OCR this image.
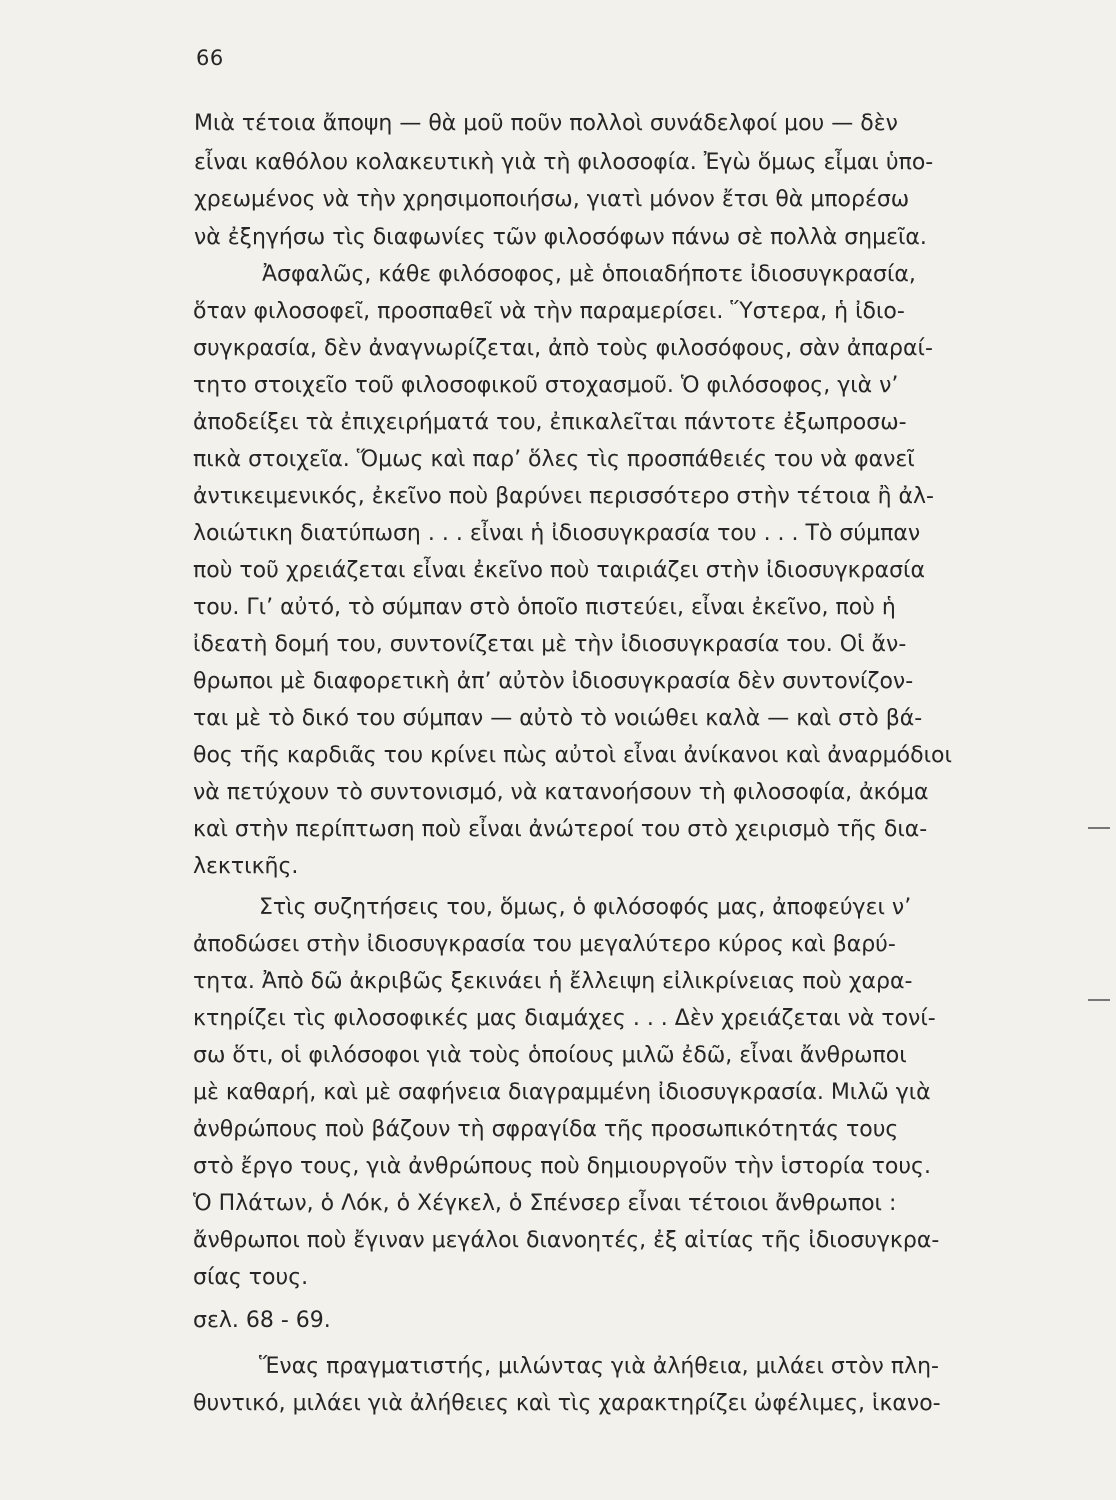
66
Μιὰ τέτοια ἄποψη — θὰ μοῦ ποῦν πολλοὶ συνάδελφοί μου — δὲν
εἶναι καθόλου κολακευτικὴ γιὰ τὴ φιλοσοφία. Ἐγὼ ὅμως εἶμαι ὑπο-
χρεωμένος νὰ τὴν χρησιμοποιήσω, γιατὶ μόνον ἔτσι θὰ μπορέσω
νὰ ἐξηγήσω τὶς διαφωνίες τῶν φιλοσόφων πάνω σὲ πολλὰ σημεῖα.
Ἀσφαλῶς, κάθε φιλόσοφος, μὲ ὁποιαδήποτε ἰδιοσυγκρασία,
ὅταν φιλοσοφεῖ, προσπαθεῖ νὰ τὴν παραμερίσει. Ὕστερα, ἡ ἰδιο-
συγκρασία, δὲν ἀναγνωρίζεται, ἀπὸ τοὺς φιλοσόφους, σὰν ἀπαραί-
τητο στοιχεῖο τοῦ φιλοσοφικοῦ στοχασμοῦ. Ὁ φιλόσοφος, γιὰ ν’
ἀποδείξει τὰ ἐπιχειρήματά του, ἐπικαλεῖται πάντοτε ἐξωπροσω-
πικὰ στοιχεῖα. Ὅμως καὶ παρ’ ὅλες τὶς προσπάθειές του νὰ φανεῖ
ἀντικειμενικός, ἐκεῖνο ποὺ βαρύνει περισσότερο στὴν τέτοια ἢ ἀλ-
λοιώτικη διατύπωση . . . εἶναι ἡ ἰδιοσυγκρασία του . . . Τὸ σύμπαν
ποὺ τοῦ χρειάζεται εἶναι ἐκεῖνο ποὺ ταιριάζει στὴν ἰδιοσυγκρασία
του. Γι’ αὐτό, τὸ σύμπαν στὸ ὁποῖο πιστεύει, εἶναι ἐκεῖνο, ποὺ ἡ
ἰδεατὴ δομή του, συντονίζεται μὲ τὴν ἰδιοσυγκρασία του. Οἱ ἄν-
θρωποι μὲ διαφορετικὴ ἀπ’ αὐτὸν ἰδιοσυγκρασία δὲν συντονίζον-
ται μὲ τὸ δικό του σύμπαν — αὐτὸ τὸ νοιώθει καλὰ — καὶ στὸ βά-
θος τῆς καρδιᾶς του κρίνει πὼς αὐτοὶ εἶναι ἀνίκανοι καὶ ἀναρμόδιοι
νὰ πετύχουν τὸ συντονισμό, νὰ κατανοήσουν τὴ φιλοσοφία, ἀκόμα
καὶ στὴν περίπτωση ποὺ εἶναι ἀνώτεροί του στὸ χειρισμὸ τῆς δια-
λεκτικῆς.
Στὶς συζητήσεις του, ὅμως, ὁ φιλόσοφός μας, ἀποφεύγει ν’
ἀποδώσει στὴν ἰδιοσυγκρασία του μεγαλύτερο κύρος καὶ βαρύ-
τητα. Ἀπὸ δῶ ἀκριβῶς ξεκινάει ἡ ἔλλειψη εἰλικρίνειας ποὺ χαρα-
κτηρίζει τὶς φιλοσοφικές μας διαμάχες . . . Δὲν χρειάζεται νὰ τονί-
σω ὅτι, οἱ φιλόσοφοι γιὰ τοὺς ὁποίους μιλῶ ἐδῶ, εἶναι ἄνθρωποι
μὲ καθαρή, καὶ μὲ σαφήνεια διαγραμμένη ἰδιοσυγκρασία. Μιλῶ γιὰ
ἀνθρώπους ποὺ βάζουν τὴ σφραγίδα τῆς προσωπικότητάς τους
στὸ ἔργο τους, γιὰ ἀνθρώπους ποὺ δημιουργοῦν τὴν ἱστορία τους.
Ὁ Πλάτων, ὁ Λόκ, ὁ Χέγκελ, ὁ Σπένσερ εἶναι τέτοιοι ἄνθρωποι :
ἄνθρωποι ποὺ ἔγιναν μεγάλοι διανοητές, ἐξ αἰτίας τῆς ἰδιοσυγκρα-
σίας τους.
σελ. 68 - 69.
Ἕνας πραγματιστής, μιλώντας γιὰ ἀλήθεια, μιλάει στὸν πλη-
θυντικό, μιλάει γιὰ ἀλήθειες καὶ τὶς χαρακτηρίζει ὠφέλιμες, ἱκανο-
